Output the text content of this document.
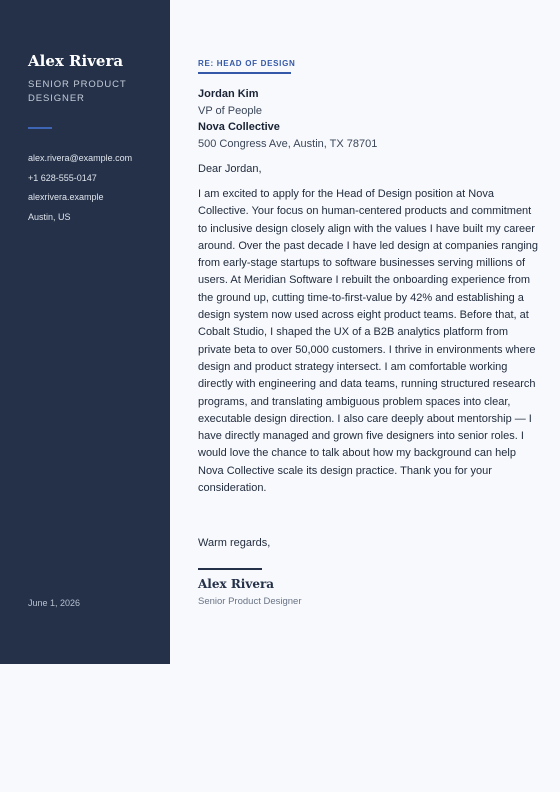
Alex Rivera
SENIOR PRODUCT DESIGNER
alex.rivera@example.com
+1 628-555-0147
alexrivera.example
Austin, US
June 1, 2026
RE: HEAD OF DESIGN
Jordan Kim
VP of People
Nova Collective
500 Congress Ave, Austin, TX 78701
Dear Jordan,
I am excited to apply for the Head of Design position at Nova Collective. Your focus on human-centered products and commitment to inclusive design closely align with the values I have built my career around. Over the past decade I have led design at companies ranging from early-stage startups to software businesses serving millions of users. At Meridian Software I rebuilt the onboarding experience from the ground up, cutting time-to-first-value by 42% and establishing a design system now used across eight product teams. Before that, at Cobalt Studio, I shaped the UX of a B2B analytics platform from private beta to over 50,000 customers. I thrive in environments where design and product strategy intersect. I am comfortable working directly with engineering and data teams, running structured research programs, and translating ambiguous problem spaces into clear, executable design direction. I also care deeply about mentorship — I have directly managed and grown five designers into senior roles. I would love the chance to talk about how my background can help Nova Collective scale its design practice. Thank you for your consideration.
Warm regards,
Alex Rivera
Senior Product Designer
